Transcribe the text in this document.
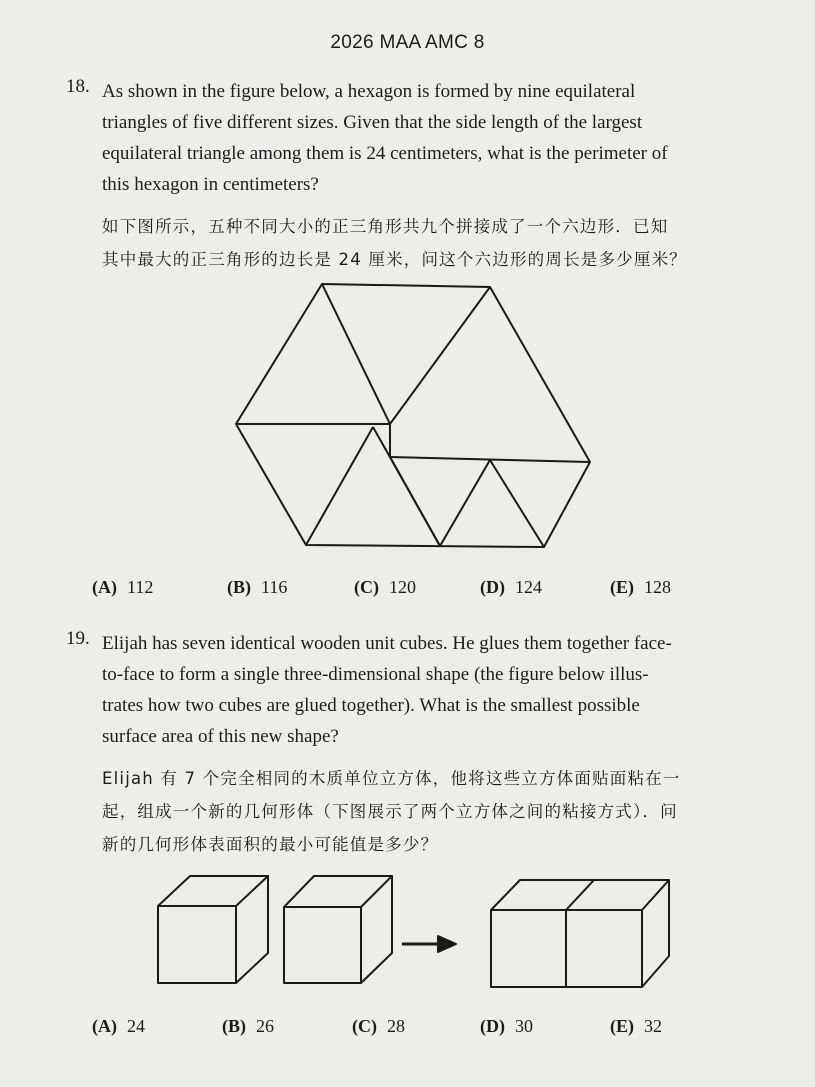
2026 MAA AMC 8
18. As shown in the figure below, a hexagon is formed by nine equilateral
triangles of five different sizes. Given that the side length of the largest
equilateral triangle among them is 24 centimeters, what is the perimeter of
this hexagon in centimeters?
如下图所示，五种不同大小的正三角形共九个拼接成了一个六边形．已知
其中最大的正三角形的边长是 24 厘米，问这个六边形的周长是多少厘米？
(A) 112	(B) 116	(C) 120	(D) 124	(E) 128
19. Elijah has seven identical wooden unit cubes. He glues them together face-
to-face to form a single three-dimensional shape (the figure below illus-
trates how two cubes are glued together). What is the smallest possible
surface area of this new shape?
Elijah 有 7 个完全相同的木质单位立方体，他将这些立方体面贴面粘在一
起，组成一个新的几何形体（下图展示了两个立方体之间的粘接方式）．问
新的几何形体表面积的最小可能值是多少？
(A) 24	(B) 26	(C) 28	(D) 30	(E) 32
